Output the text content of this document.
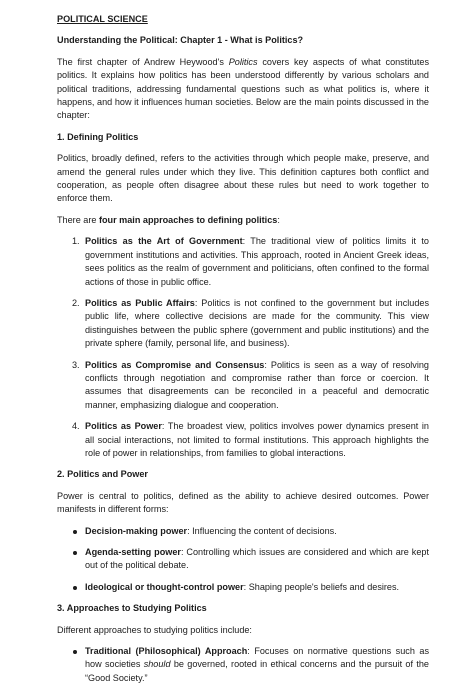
POLITICAL SCIENCE
Understanding the Political: Chapter 1 - What is Politics?

The first chapter of Andrew Heywood's Politics covers key aspects of what constitutes politics. It explains how politics has been understood differently by various scholars and political traditions, addressing fundamental questions such as what politics is, where it happens, and how it influences human societies. Below are the main points discussed in the chapter:

1. Defining Politics

Politics, broadly defined, refers to the activities through which people make, preserve, and amend the general rules under which they live. This definition captures both conflict and cooperation, as people often disagree about these rules but need to work together to enforce them.

There are four main approaches to defining politics:

1. Politics as the Art of Government: The traditional view of politics limits it to government institutions and activities. This approach, rooted in Ancient Greek ideas, sees politics as the realm of government and politicians, often confined to the formal actions of those in public office.
2. Politics as Public Affairs: Politics is not confined to the government but includes public life, where collective decisions are made for the community. This view distinguishes between the public sphere (government and public institutions) and the private sphere (family, personal life, and business).
3. Politics as Compromise and Consensus: Politics is seen as a way of resolving conflicts through negotiation and compromise rather than force or coercion. It assumes that disagreements can be reconciled in a peaceful and democratic manner, emphasizing dialogue and cooperation.
4. Politics as Power: The broadest view, politics involves power dynamics present in all social interactions, not limited to formal institutions. This approach highlights the role of power in relationships, from families to global interactions.
2. Politics and Power

Power is central to politics, defined as the ability to achieve desired outcomes. Power manifests in different forms:

Decision-making power: Influencing the content of decisions.
Agenda-setting power: Controlling which issues are considered and which are kept out of the political debate.
Ideological or thought-control power: Shaping people's beliefs and desires.
3. Approaches to Studying Politics

Different approaches to studying politics include:

Traditional (Philosophical) Approach: Focuses on normative questions such as how societies should be governed, rooted in ethical concerns and the pursuit of the “Good Society.”
